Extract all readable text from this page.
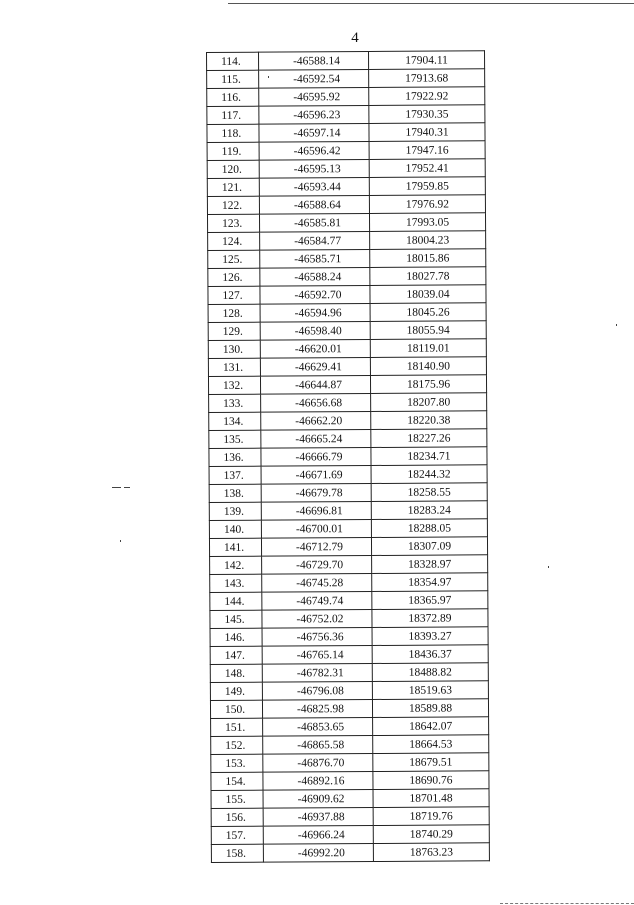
4
114.	-46588.14	17904.11
115.	-46592.54	17913.68
116.	-46595.92	17922.92
117.	-46596.23	17930.35
118.	-46597.14	17940.31
119.	-46596.42	17947.16
120.	-46595.13	17952.41
121.	-46593.44	17959.85
122.	-46588.64	17976.92
123.	-46585.81	17993.05
124.	-46584.77	18004.23
125.	-46585.71	18015.86
126.	-46588.24	18027.78
127.	-46592.70	18039.04
128.	-46594.96	18045.26
129.	-46598.40	18055.94
130.	-46620.01	18119.01
131.	-46629.41	18140.90
132.	-46644.87	18175.96
133.	-46656.68	18207.80
134.	-46662.20	18220.38
135.	-46665.24	18227.26
136.	-46666.79	18234.71
137.	-46671.69	18244.32
138.	-46679.78	18258.55
139.	-46696.81	18283.24
140.	-46700.01	18288.05
141.	-46712.79	18307.09
142.	-46729.70	18328.97
143.	-46745.28	18354.97
144.	-46749.74	18365.97
145.	-46752.02	18372.89
146.	-46756.36	18393.27
147.	-46765.14	18436.37
148.	-46782.31	18488.82
149.	-46796.08	18519.63
150.	-46825.98	18589.88
151.	-46853.65	18642.07
152.	-46865.58	18664.53
153.	-46876.70	18679.51
154.	-46892.16	18690.76
155.	-46909.62	18701.48
156.	-46937.88	18719.76
157.	-46966.24	18740.29
158.	-46992.20	18763.23
